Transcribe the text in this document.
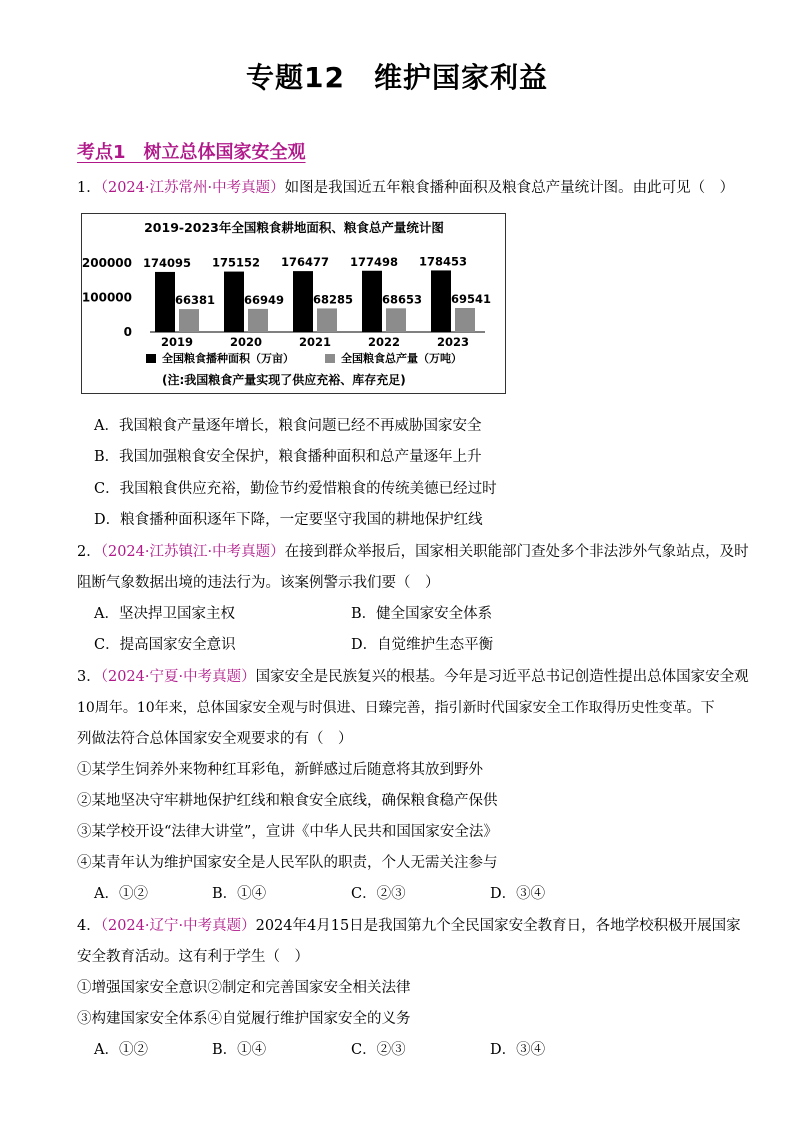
专题12　维护国家利益
考点1　树立总体国家安全观
1．（2024·江苏常州·中考真题）如图是我国近五年粮食播种面积及粮食总产量统计图。由此可见（　）
2019-2023年全国粮食耕地面积、粮食总产量统计图
200000
100000
0
174095
66381
175152
66949
176477
68285
177498
68653
178453
69541
2019	2020	2021	2022	2023
全国粮食播种面积（万亩）	全国粮食总产量（万吨）
(注:我国粮食产量实现了供应充裕、库存充足)
A．我国粮食产量逐年增长，粮食问题已经不再威胁国家安全
B．我国加强粮食安全保护，粮食播种面积和总产量逐年上升
C．我国粮食供应充裕，勤俭节约爱惜粮食的传统美德已经过时
D．粮食播种面积逐年下降，一定要坚守我国的耕地保护红线
2．（2024·江苏镇江·中考真题）在接到群众举报后，国家相关职能部门查处多个非法涉外气象站点，及时
阻断气象数据出境的违法行为。该案例警示我们要（　）
A．坚决捍卫国家主权	B．健全国家安全体系
C．提高国家安全意识	D．自觉维护生态平衡
3．（2024·宁夏·中考真题）国家安全是民族复兴的根基。今年是习近平总书记创造性提出总体国家安全观
10周年。10年来，总体国家安全观与时俱进、日臻完善，指引新时代国家安全工作取得历史性变革。下
列做法符合总体国家安全观要求的有（　）
①某学生饲养外来物种红耳彩龟，新鲜感过后随意将其放到野外
②某地坚决守牢耕地保护红线和粮食安全底线，确保粮食稳产保供
③某学校开设“法律大讲堂”，宣讲《中华人民共和国国家安全法》
④某青年认为维护国家安全是人民军队的职责，个人无需关注参与
A．①②	B．①④	C．②③	D．③④
4．（2024·辽宁·中考真题）2024年4月15日是我国第九个全民国家安全教育日，各地学校积极开展国家
安全教育活动。这有利于学生（　）
①增强国家安全意识②制定和完善国家安全相关法律
③构建国家安全体系④自觉履行维护国家安全的义务
A．①②	B．①④	C．②③	D．③④
